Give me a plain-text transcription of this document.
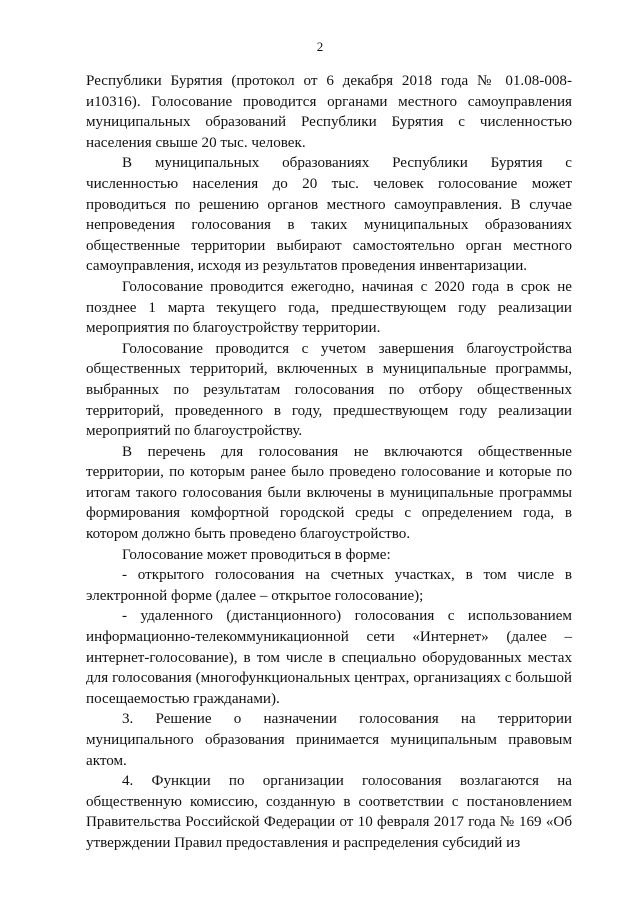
2

Республики Бурятия (протокол от 6 декабря 2018 года № 01.08-008-и10316). Голосование проводится органами местного самоуправления муниципальных образований Республики Бурятия с численностью населения свыше 20 тыс. человек.

В муниципальных образованиях Республики Бурятия с численностью населения до 20 тыс. человек голосование может проводиться по решению органов местного самоуправления. В случае непроведения голосования в таких муниципальных образованиях общественные территории выбирают самостоятельно орган местного самоуправления, исходя из результатов проведения инвентаризации.

Голосование проводится ежегодно, начиная с 2020 года в срок не позднее 1 марта текущего года, предшествующем году реализации мероприятия по благоустройству территории.

Голосование проводится с учетом завершения благоустройства общественных территорий, включенных в муниципальные программы, выбранных по результатам голосования по отбору общественных территорий, проведенного в году, предшествующем году реализации мероприятий по благоустройству.

В перечень для голосования не включаются общественные территории, по которым ранее было проведено голосование и которые по итогам такого голосования были включены в муниципальные программы формирования комфортной городской среды с определением года, в котором должно быть проведено благоустройство.

Голосование может проводиться в форме:

- открытого голосования на счетных участках, в том числе в электронной форме (далее – открытое голосование);

- удаленного (дистанционного) голосования с использованием информационно-телекоммуникационной сети «Интернет» (далее – интернет-голосование), в том числе в специально оборудованных местах для голосования (многофункциональных центрах, организациях с большой посещаемостью гражданами).

3. Решение о назначении голосования на территории муниципального образования принимается муниципальным правовым актом.

4. Функции по организации голосования возлагаются на общественную комиссию, созданную в соответствии с постановлением Правительства Российской Федерации от 10 февраля 2017 года № 169 «Об утверждении Правил предоставления и распределения субсидий из
